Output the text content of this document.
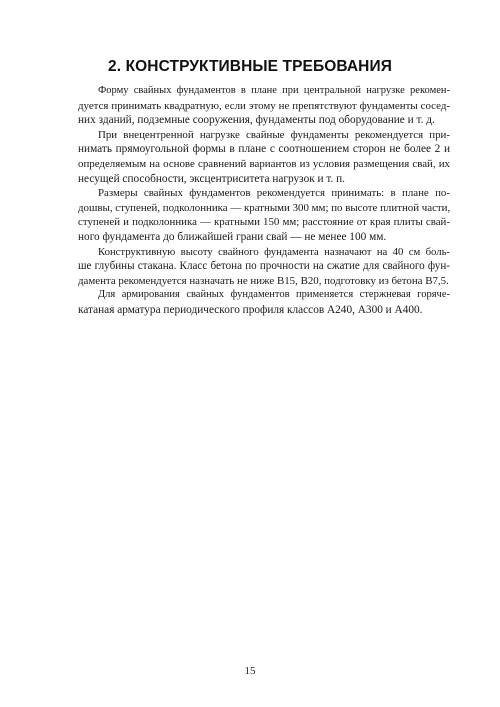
2. КОНСТРУКТИВНЫЕ ТРЕБОВАНИЯ
Форму свайных фундаментов в плане при центральной нагрузке рекомен-
дуется принимать квадратную, если этому не препятствуют фундаменты сосед-
них зданий, подземные сооружения, фундаменты под оборудование и т. д.
При внецентренной нагрузке свайные фундаменты рекомендуется при-
нимать прямоугольной формы в плане с соотношением сторон не более 2 и
определяемым на основе сравнений вариантов из условия размещения свай, их
несущей способности, эксцентриситета нагрузок и т. п.
Размеры свайных фундаментов рекомендуется принимать: в плане по-
дошвы, ступеней, подколонника — кратными 300 мм; по высоте плитной части,
ступеней и подколонника — кратными 150 мм; расстояние от края плиты свай-
ного фундамента до ближайшей грани свай — не менее 100 мм.
Конструктивную высоту свайного фундамента назначают на 40 см боль-
ше глубины стакана. Класс бетона по прочности на сжатие для свайного фун-
дамента рекомендуется назначать не ниже В15, В20, подготовку из бетона В7,5.
Для армирования свайных фундаментов применяется стержневая горяче-
катаная арматура периодического профиля классов А240, А300 и А400.
15
